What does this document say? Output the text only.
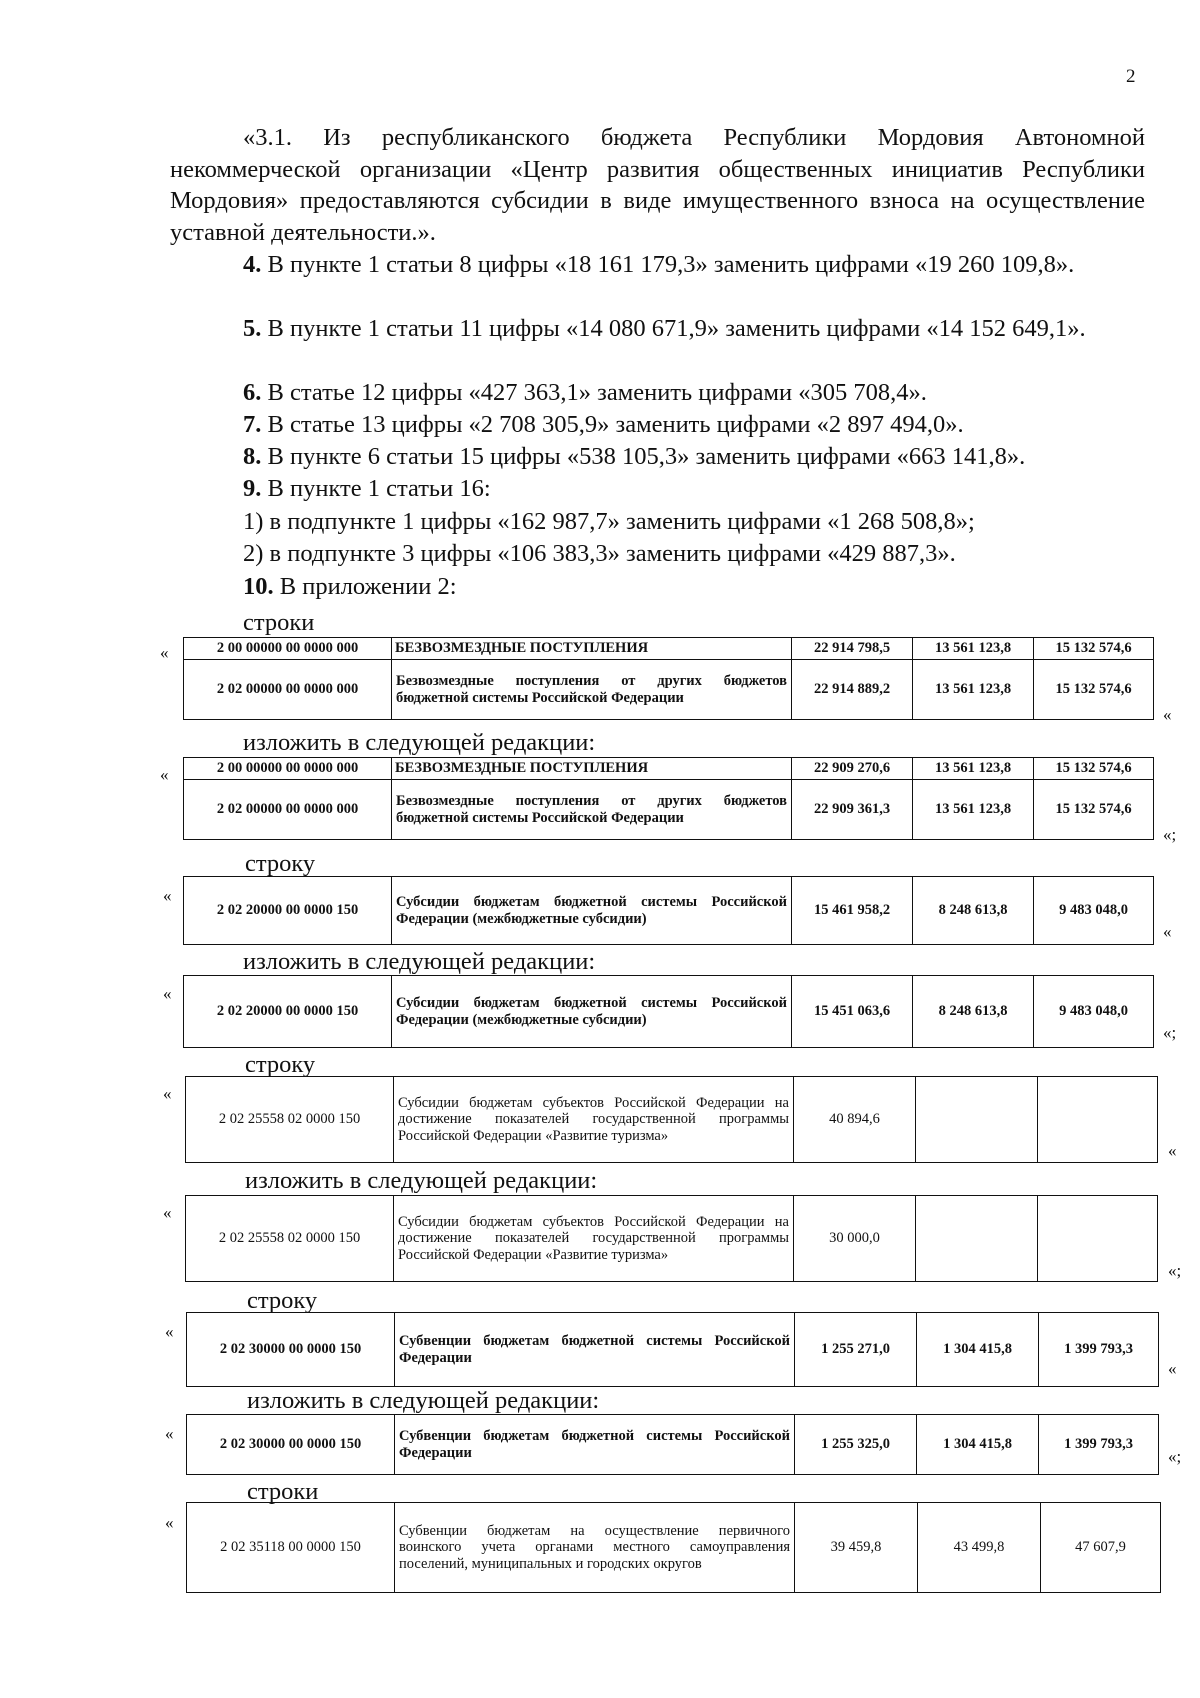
2
«3.1. Из республиканского бюджета Республики Мордовия Автономной некоммерческой организации «Центр развития общественных инициатив Республики Мордовия» предоставляются субсидии в виде имущественного взноса на осуществление уставной деятельности.».
4. В пункте 1 статьи 8 цифры «18 161 179,3» заменить цифрами «19 260 109,8».
5. В пункте 1 статьи 11 цифры «14 080 671,9» заменить цифрами «14 152 649,1».
6. В статье 12 цифры «427 363,1» заменить цифрами «305 708,4».
7. В статье 13 цифры «2 708 305,9» заменить цифрами «2 897 494,0».
8. В пункте 6 статьи 15 цифры «538 105,3» заменить цифрами «663 141,8».
9. В пункте 1 статьи 16:
1) в подпункте 1 цифры «162 987,7» заменить цифрами «1 268 508,8»;
2) в подпункте 3 цифры «106 383,3» заменить цифрами «429 887,3».
10. В приложении 2:
строки
«	2 00 00000 00 0000 000	БЕЗВОЗМЕЗДНЫЕ ПОСТУПЛЕНИЯ	22 914 798,5	13 561 123,8	15 132 574,6
2 02 00000 00 0000 000	Безвозмездные поступления от других бюджетов бюджетной системы Российской Федерации	22 914 889,2	13 561 123,8	15 132 574,6
«
изложить в следующей редакции:
«	2 00 00000 00 0000 000	БЕЗВОЗМЕЗДНЫЕ ПОСТУПЛЕНИЯ	22 909 270,6	13 561 123,8	15 132 574,6
2 02 00000 00 0000 000	Безвозмездные поступления от других бюджетов бюджетной системы Российской Федерации	22 909 361,3	13 561 123,8	15 132 574,6
«;
строку
«
2 02 20000 00 0000 150	Субсидии бюджетам бюджетной системы Российской Федерации (межбюджетные субсидии)	15 461 958,2	8 248 613,8	9 483 048,0
«
изложить в следующей редакции:
«
2 02 20000 00 0000 150	Субсидии бюджетам бюджетной системы Российской Федерации (межбюджетные субсидии)	15 451 063,6	8 248 613,8	9 483 048,0
«;
строку
«
2 02 25558 02 0000 150	Субсидии бюджетам субъектов Российской Федерации на достижение показателей государственной программы Российской Федерации «Развитие туризма»	40 894,6		
«
изложить в следующей редакции:
«
2 02 25558 02 0000 150	Субсидии бюджетам субъектов Российской Федерации на достижение показателей государственной программы Российской Федерации «Развитие туризма»	30 000,0		
«;
строку
«
2 02 30000 00 0000 150	Субвенции бюджетам бюджетной системы Российской Федерации	1 255 271,0	1 304 415,8	1 399 793,3
«
изложить в следующей редакции:
«
2 02 30000 00 0000 150	Субвенции бюджетам бюджетной системы Российской Федерации	1 255 325,0	1 304 415,8	1 399 793,3
«;
строки
«
2 02 35118 00 0000 150	Субвенции бюджетам на осуществление первичного воинского учета органами местного самоуправления поселений, муниципальных и городских округов	39 459,8	43 499,8	47 607,9
